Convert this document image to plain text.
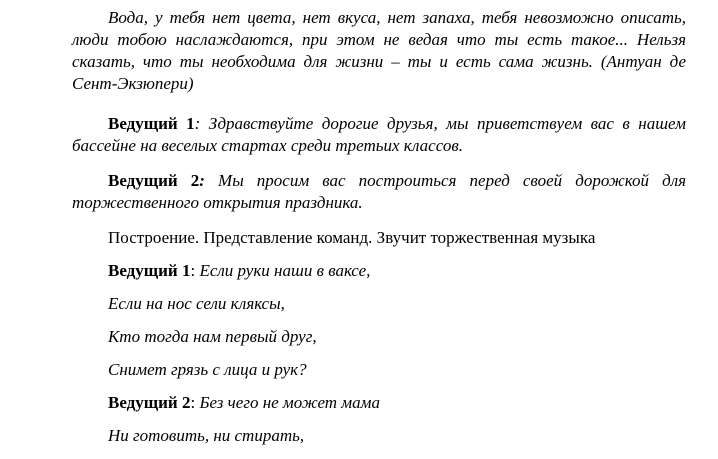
Вода, у тебя нет цвета, нет вкуса, нет запаха, тебя невозможно описать, люди тобою наслаждаются, при этом не ведая что ты есть такое... Нельзя сказать, что ты необходима для жизни – ты и есть сама жизнь. (Антуан де Сент-Экзюпери)

Ведущий 1: Здравствуйте дорогие друзья, мы приветствуем вас в нашем бассейне на веселых стартах среди третьих классов.

Ведущий 2: Мы просим вас построиться перед своей дорожкой для торжественного открытия праздника.

Построение. Представление команд. Звучит торжественная музыка

Ведущий 1: Если руки наши в ваксе,

Если на нос сели кляксы,

Кто тогда нам первый друг,

Снимет грязь с лица и рук?

Ведущий 2: Без чего не может мама

Ни готовить, ни стирать,
